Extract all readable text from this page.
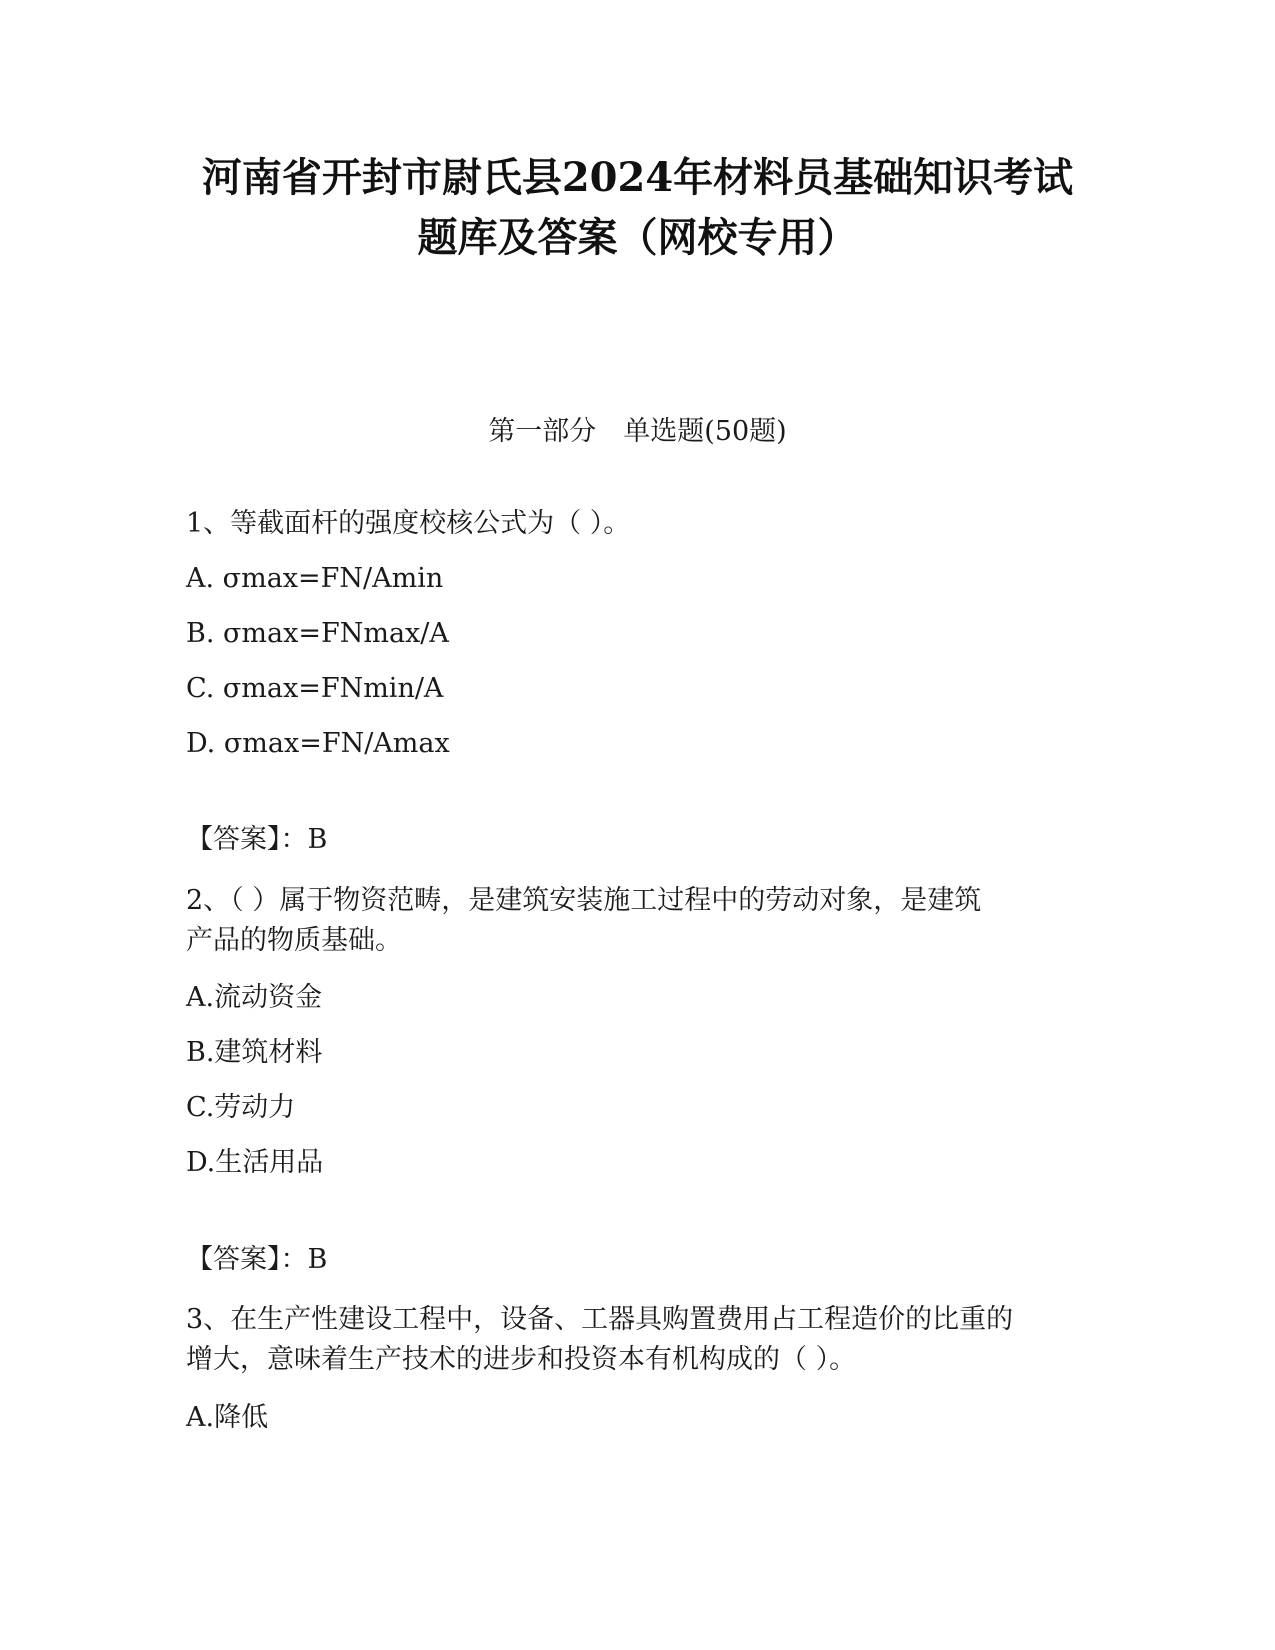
河南省开封市尉氏县2024年材料员基础知识考试
题库及答案（网校专用）
第一部分　单选题(50题)
1、等截面杆的强度校核公式为（ ）。
A. σmax=FN/Amin
B. σmax=FNmax/A
C. σmax=FNmin/A
D. σmax=FN/Amax
【答案】：B
2、（ ）属于物资范畴，是建筑安装施工过程中的劳动对象，是建筑
产品的物质基础。
A.流动资金
B.建筑材料
C.劳动力
D.生活用品
【答案】：B
3、在生产性建设工程中，设备、工器具购置费用占工程造价的比重的
增大，意味着生产技术的进步和投资本有机构成的（ ）。
A.降低
